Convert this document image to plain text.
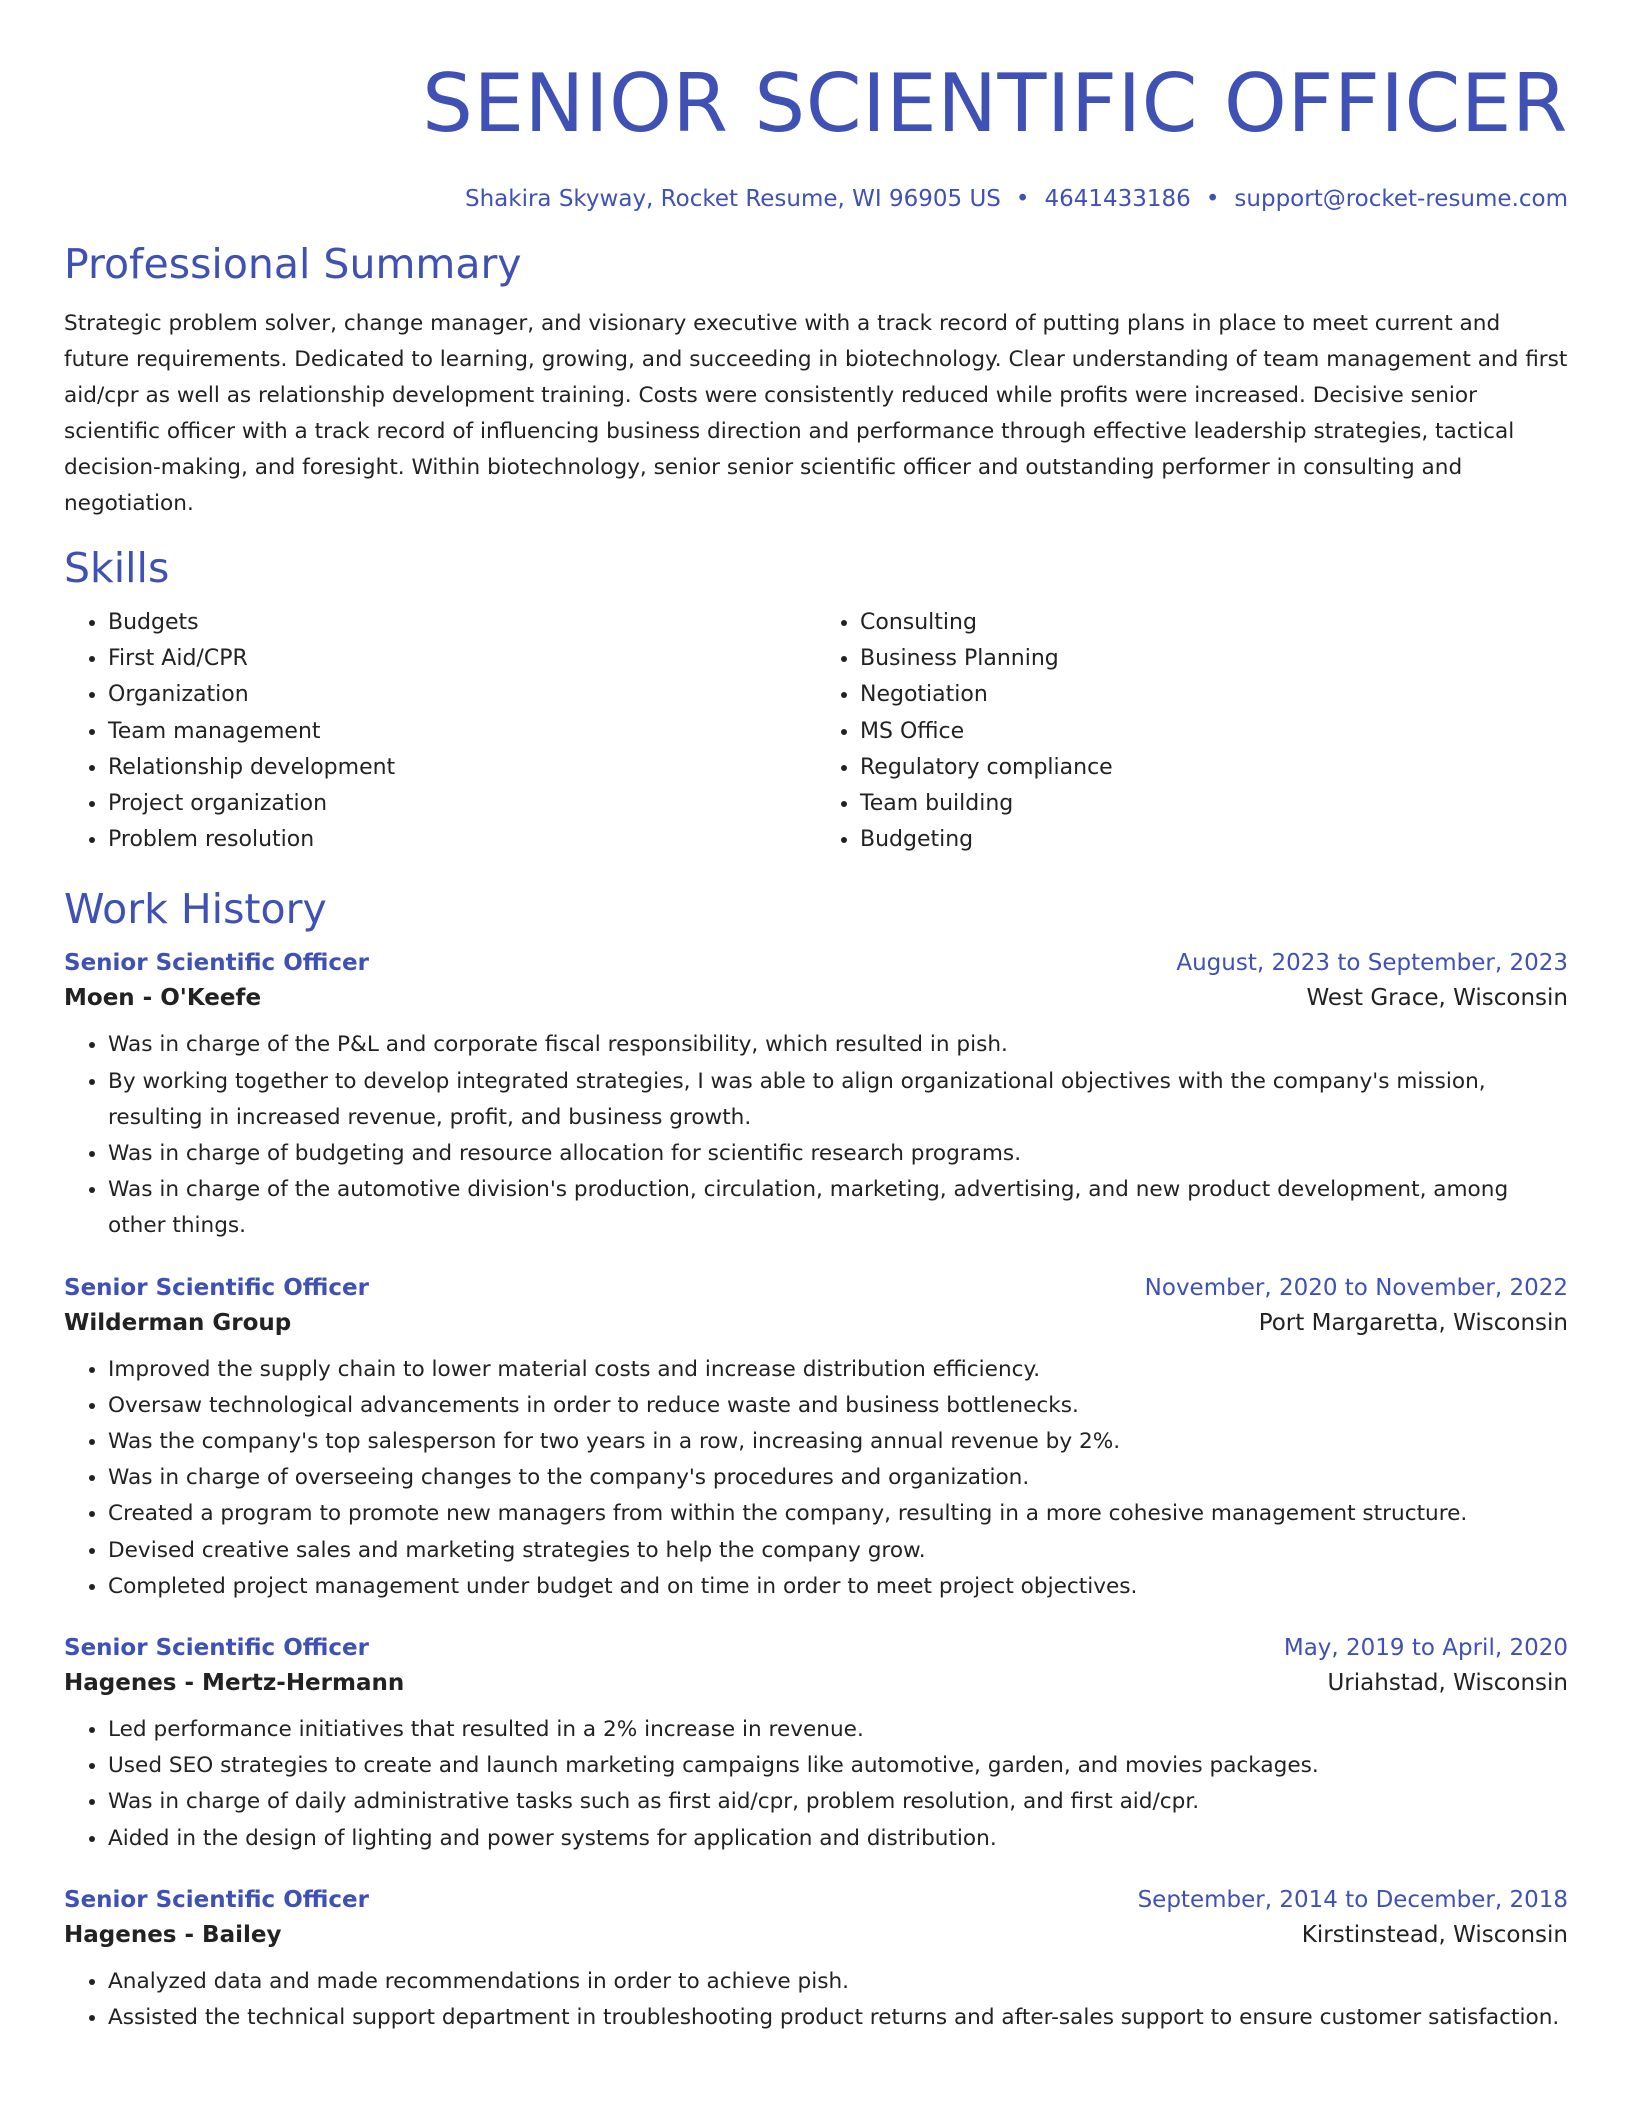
SENIOR SCIENTIFIC OFFICER
Shakira Skyway, Rocket Resume, WI 96905 US • 4641433186 • support@rocket-resume.com
Professional Summary

Strategic problem solver, change manager, and visionary executive with a track record of putting plans in place to meet current and future requirements. Dedicated to learning, growing, and succeeding in biotechnology. Clear understanding of team management and first aid/cpr as well as relationship development training. Costs were consistently reduced while profits were increased. Decisive senior scientific officer with a track record of influencing business direction and performance through effective leadership strategies, tactical decision-making, and foresight. Within biotechnology, senior senior scientific officer and outstanding performer in consulting and negotiation.

Skills
• Budgets
• First Aid/CPR
• Organization
• Team management
• Relationship development
• Project organization
• Problem resolution
• Consulting
• Business Planning
• Negotiation
• MS Office
• Regulatory compliance
• Team building
• Budgeting
Work History
Senior Scientific Officer	August, 2023 to September, 2023
Moen - O'Keefe	West Grace, Wisconsin
• Was in charge of the P&L and corporate fiscal responsibility, which resulted in pish.
• By working together to develop integrated strategies, I was able to align organizational objectives with the company's mission, resulting in increased revenue, profit, and business growth.
• Was in charge of budgeting and resource allocation for scientific research programs.
• Was in charge of the automotive division's production, circulation, marketing, advertising, and new product development, among other things.
Senior Scientific Officer	November, 2020 to November, 2022
Wilderman Group	Port Margaretta, Wisconsin
• Improved the supply chain to lower material costs and increase distribution efficiency.
• Oversaw technological advancements in order to reduce waste and business bottlenecks.
• Was the company's top salesperson for two years in a row, increasing annual revenue by 2%.
• Was in charge of overseeing changes to the company's procedures and organization.
• Created a program to promote new managers from within the company, resulting in a more cohesive management structure.
• Devised creative sales and marketing strategies to help the company grow.
• Completed project management under budget and on time in order to meet project objectives.
Senior Scientific Officer	May, 2019 to April, 2020
Hagenes - Mertz-Hermann	Uriahstad, Wisconsin
• Led performance initiatives that resulted in a 2% increase in revenue.
• Used SEO strategies to create and launch marketing campaigns like automotive, garden, and movies packages.
• Was in charge of daily administrative tasks such as first aid/cpr, problem resolution, and first aid/cpr.
• Aided in the design of lighting and power systems for application and distribution.
Senior Scientific Officer	September, 2014 to December, 2018
Hagenes - Bailey	Kirstinstead, Wisconsin
• Analyzed data and made recommendations in order to achieve pish.
• Assisted the technical support department in troubleshooting product returns and after-sales support to ensure customer satisfaction.
